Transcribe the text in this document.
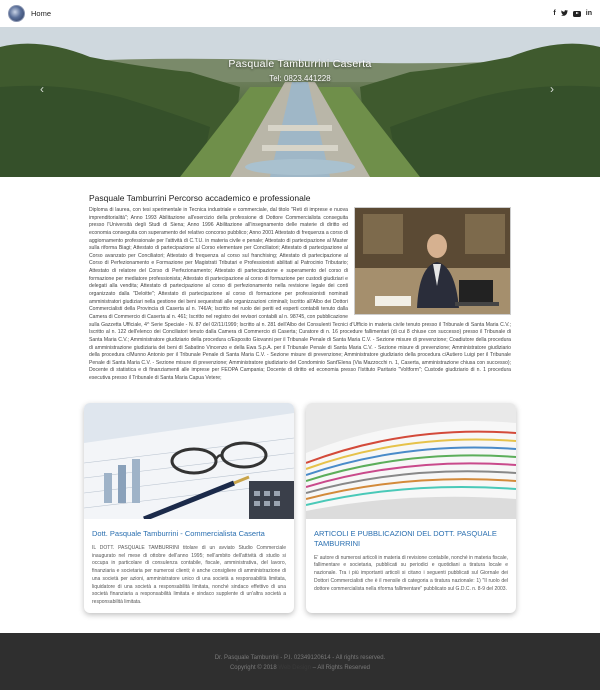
Home	f	in
Pasquale Tamburrini Caserta
Tel: 0823.441228
‹	›
Pasquale Tamburrini Percorso accademico e professionale
Diploma di laurea, con tesi sperimentale in Tecnica industriale e commerciale, dal titolo "Reti di imprese e nuova imprenditorialità"; Anno 1993 Abilitazione all'esercizio della professione di Dottore Commercialista conseguita presso l'Università degli Studi di Siena; Anno 1996 Abilitazione all'insegnamento delle materie di diritto ed economia conseguita con superamento del relativo concorso pubblico; Anno 2001 Attestato di frequenza a corso di aggiornamento professionale per l'attività di C.T.U. in materia civile e penale; Attestato di partecipazione al Master sulla riforma Biagi; Attestato di partecipazione al Corso elementare per Conciliatori; Attestato di partecipazione al Corso avanzato per Conciliatori; Attestato di frequenza al corso sul franchising; Attestato di partecipazione al Corso di Perfezionamento e Formazione per Magistrati Tributari e Professionisti abilitati al Patrocinio Tributario; Attestato di relatore del Corso di Perfezionamento; Attestato di partecipazione e superamento del corso di formazione per mediatore professionista; Attestato di partecipazione al corso di formazione per custodi giudiziari e delegati alla vendita; Attestato di partecipazione al corso di perfezionamento nella revisione legale dei conti organizzato dalla "Deloitte"; Attestato di partecipazione al corso di formazione per professionisti nominati amministratori giudiziari nella gestione dei beni sequestrati alle organizzazioni criminali; Iscritto all'Albo dei Dottori Commercialisti della Provincia di Caserta al n. 746/A; Iscritto nel ruolo dei periti ed esperti contabili tenuto dalla Camera di Commercio di Caserta al n. 461; Iscritto nel registro dei revisori contabili al n. 98745, con pubblicazione sulla Gazzetta Ufficiale, 4^ Serie Speciale - N. 87 del 02/11/1999; Iscritto al n. 281 dell'Albo dei Consulenti Tecnici d'Ufficio in materia civile tenuto presso il Tribunale di Santa Maria C.V.; Iscritto al n. 122 dell'elenco dei Conciliatori tenuto dalla Camera di Commercio di Caserta; Curatore di n. 16 procedure fallimentari (di cui 8 chiuse con successo) presso il Tribunale di Santa Maria C.V.; Amministratore giudiziario della procedura c/Esposito Giovanni per il Tribunale Penale di Santa Maria C.V. - Sezione misure di prevenzione; Coadiutore della procedura di amministrazione giudiziaria dei beni di Sabatino Vincenzo e della Ewa S.p.A. per il Tribunale Penale di Santa Maria C.V. - Sezione misure di prevenzione; Amministratore giudiziario della procedura c/Munno Antonio per il Tribunale Penale di Santa Maria C.V. - Sezione misure di prevenzione; Amministratore giudiziario della procedura c/Autiero Luigi per il Tribunale Penale di Santa Maria C.V. - Sezione misure di prevenzione; Amministratore giudiziario del Condominio Sant'Elena (Via Mazzocchi n. 1, Caserta, amministrazione chiusa con successo); Docente di statistica e di finanziamenti alle imprese per FEOPA Campania; Docente di diritto ed economia presso l'Istituto Paritario "Voltform"; Custode giudiziario di n. 1 procedura esecutiva presso il Tribunale di Santa Maria Capua Vetere;
Dott. Pasquale Tamburrini - Commercialista Caserta
IL DOTT. PASQUALE TAMBURRINI titolare di un avviato Studio Commerciale inaugurato nel mese di ottobre dell'anno 1995; nell'ambito dell'attività di studio si occupa in particolare di consulenza contabile, fiscale, amministrativa, del lavoro, finanziaria e societaria per numerosi clienti; è anche consigliere di amministrazione di una società per azioni, amministratore unico di una società a responsabilità limitata, liquidatore di una società a responsabilità limitata, nonché sindaco effettivo di una società finanziaria a responsabilità limitata e sindaco supplente di un'altra società a responsabilità limitata.
ARTICOLI E PUBBLICAZIONI DEL DOTT. PASQUALE TAMBURRINI
E' autore di numerosi articoli in materia di revisione contabile, nonché in materia fiscale, fallimentare e societaria, pubblicati su periodici e quotidiani a tiratura locale e nazionale. Tra i più importanti articoli si citano i seguenti pubblicati sul Giornale dei Dottori Commercialisti che è il mensile di categoria a tiratura nazionale: 1) "Il ruolo del dottore commercialista nella riforma fallimentare" pubblicato sul G.D.C. n. 8-9 del 2003.
Dr. Pasquale Tamburrini - P.I. 02349120614 - All rights reserved.
Copyright © 2018 Web Design – All Rights Reserved
